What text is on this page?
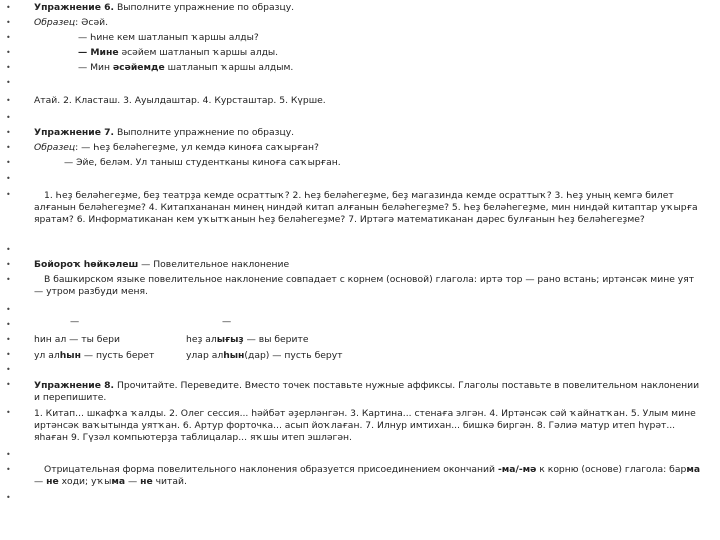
•
•
•
•
•
•
•
•
•
•
•
•
•
•
•
•
•
•
•
•
•
•
•
•
•
•
Упражнение 6. Выполните упражнение по образцу.
Образец: Әсәй.
— Һине кем шатланып ҡаршы алды?
— Мине әсәйем шатланып ҡаршы алды.
— Мин әсәйемде шатланып ҡаршы алдым.
Атай. 2. Класташ. 3. Ауылдаштар. 4. Курсташтар. 5. Күрше.
Упрaжнение 7. Выполните упражнение по образцу.
Образец: — Һеҙ беләһегеҙме, ул кемдә киноға саҡырған?
— Эйе, беләм. Ул таныш студентканы киноға саҡырған.
1. Һеҙ беләһегеҙме, беҙ театрҙа кемде осраттыҡ? 2. Һеҙ беләһегеҙме, беҙ магазинда кемде осраттыҡ? 3. Һеҙ уның кемгә билет алғанын беләһегеҙме? 4. Китапхананан минең ниндәй китап алғанын беләһегеҙме? 5. Һеҙ беләһегеҙме, мин ниндәй китаптар уҡырға яратам? 6. Информатиканан кем уҡытҡанын Һеҙ беләһегеҙме? 7. Иртәгә математиканан дәрес булғанын Һеҙ беләһегеҙме?
Бойороҡ һөйкәлеш — Повелительное наклонение
В башкирском языке повелительное наклонение совпадает с корнем (основой) глагола: иртә тор — рано встань; иртәнсәк мине уят — утром разбуди меня.
—	—
һин ал — ты бери	һеҙ алығыҙ — вы берите
ул алһын — пусть берет	улар алһын(дар) — пусть берут
Упражнение 8. Прочитайте. Переведите. Вместо точек поставьте нужные аффиксы. Глаголы поставьте в повелительном наклонении и перепишите.
1. Китап... шкафҡа ҡалды. 2. Олег сессия... һәйбәт әҙерләнгән. 3. Картина... стенаға элгән. 4. Иртәнсәк сәй ҡайнатҡан. 5. Улым мине иртәнсәк ваҡытында уятҡан. 6. Артур форточка... асып йоҡлаған. 7. Илнур имтихан... бишкә биргән. 8. Гәлиә матур итеп һүрәт... яһаған 9. Гүзәл компьютерҙа таблицалар... яҡшы итеп эшләгән.
Отрицательная форма повелительного наклонения образуется присоединением окончаний -ма/-мә к корню (основе) глагола: барма — не ходи; уҡыма — не читай.
